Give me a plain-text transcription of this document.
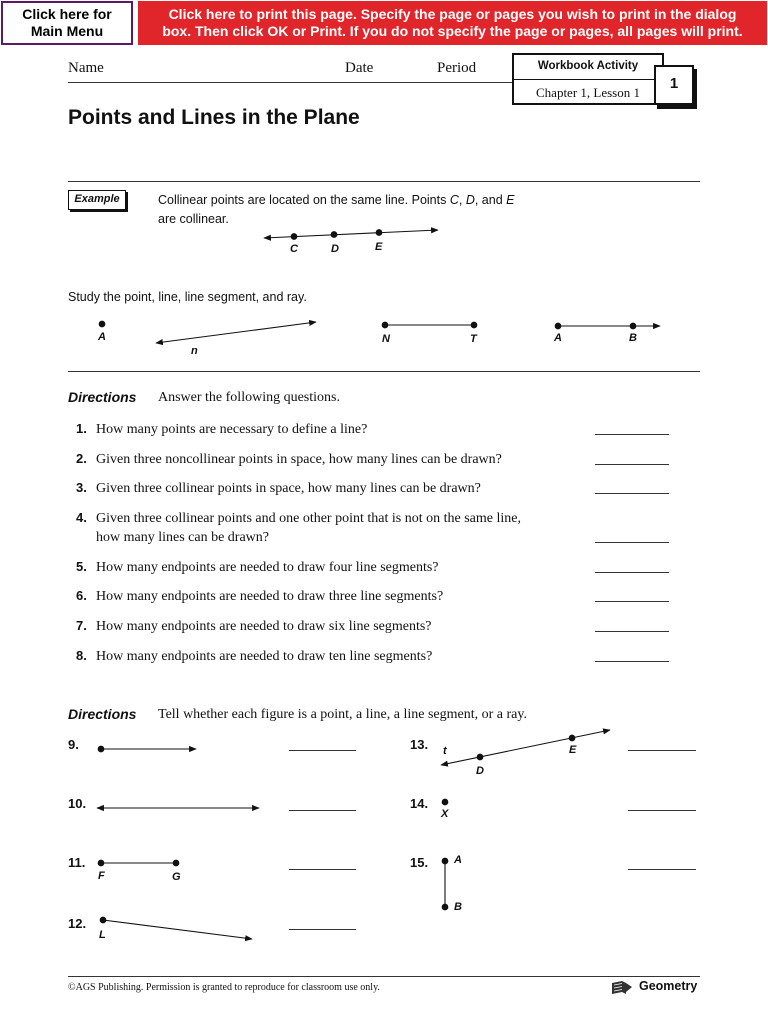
Click here for
Main Menu
Click here to print this page. Specify the page or pages you wish to print in the dialog
box. Then click OK or Print. If you do not specify the page or pages, all pages will print.
Name	Date	Period	Workbook Activity
Chapter 1, Lesson 1
1
Points and Lines in the Plane
Example	Collinear points are located on the same line. Points C, D, and E
are collinear.
C	D	E
Study the point, line, line segment, and ray.
A
n
N	T	A	B
Directions Answer the following questions.
1. How many points are necessary to define a line?
2. Given three noncollinear points in space, how many lines can be drawn?
3. Given three collinear points in space, how many lines can be drawn?
4. Given three collinear points and one other point that is not on the same line,
how many lines can be drawn?
5. How many endpoints are needed to draw four line segments?
6. How many endpoints are needed to draw three line segments?
7. How many endpoints are needed to draw six line segments?
8. How many endpoints are needed to draw ten line segments?
Directions Tell whether each figure is a point, a line, a line segment, or a ray.
9.
10.
11.
F	G
12.
L
13. t
D
E
14.
X
15. A
B
©AGS Publishing. Permission is granted to reproduce for classroom use only.	Geometry
